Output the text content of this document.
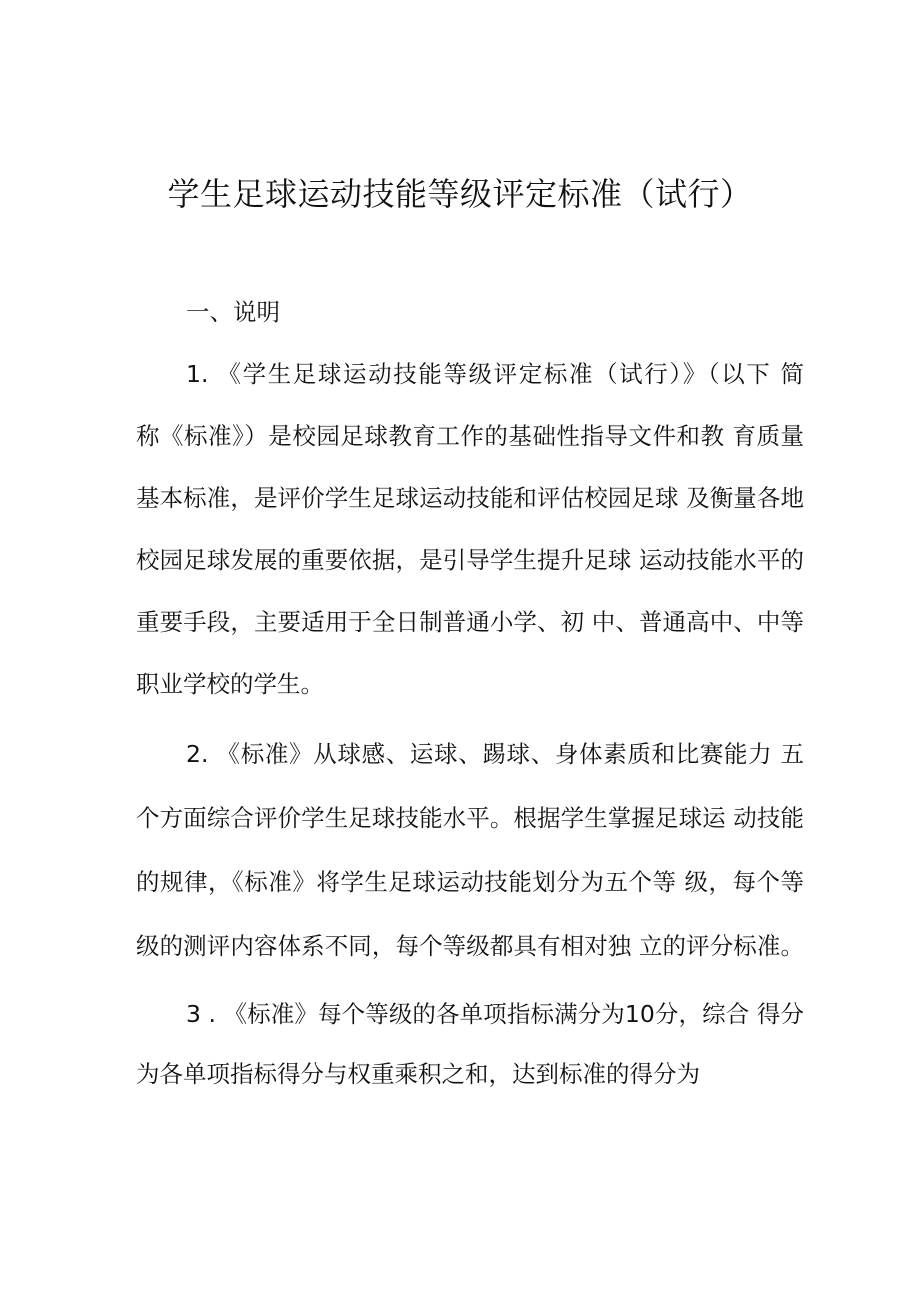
学生足球运动技能等级评定标准（试行）
一、说明
1. 《学生足球运动技能等级评定标准（试行）》（以下 简
称《标准》）是校园足球教育工作的基础性指导文件和教 育质量
基本标准，是评价学生足球运动技能和评估校园足球 及衡量各地
校园足球发展的重要依据，是引导学生提升足球 运动技能水平的
重要手段，主要适用于全日制普通小学、初 中、普通高中、中等
职业学校的学生。
2. 《标准》从球感、运球、踢球、身体素质和比赛能力 五
个方面综合评价学生足球技能水平。根据学生掌握足球运 动技能
的规律，《标准》将学生足球运动技能划分为五个等 级，每个等
级的测评内容体系不同，每个等级都具有相对独 立的评分标准。
3 . 《标准》每个等级的各单项指标满分为10分，综合 得分
为各单项指标得分与权重乘积之和，达到标准的得分为
